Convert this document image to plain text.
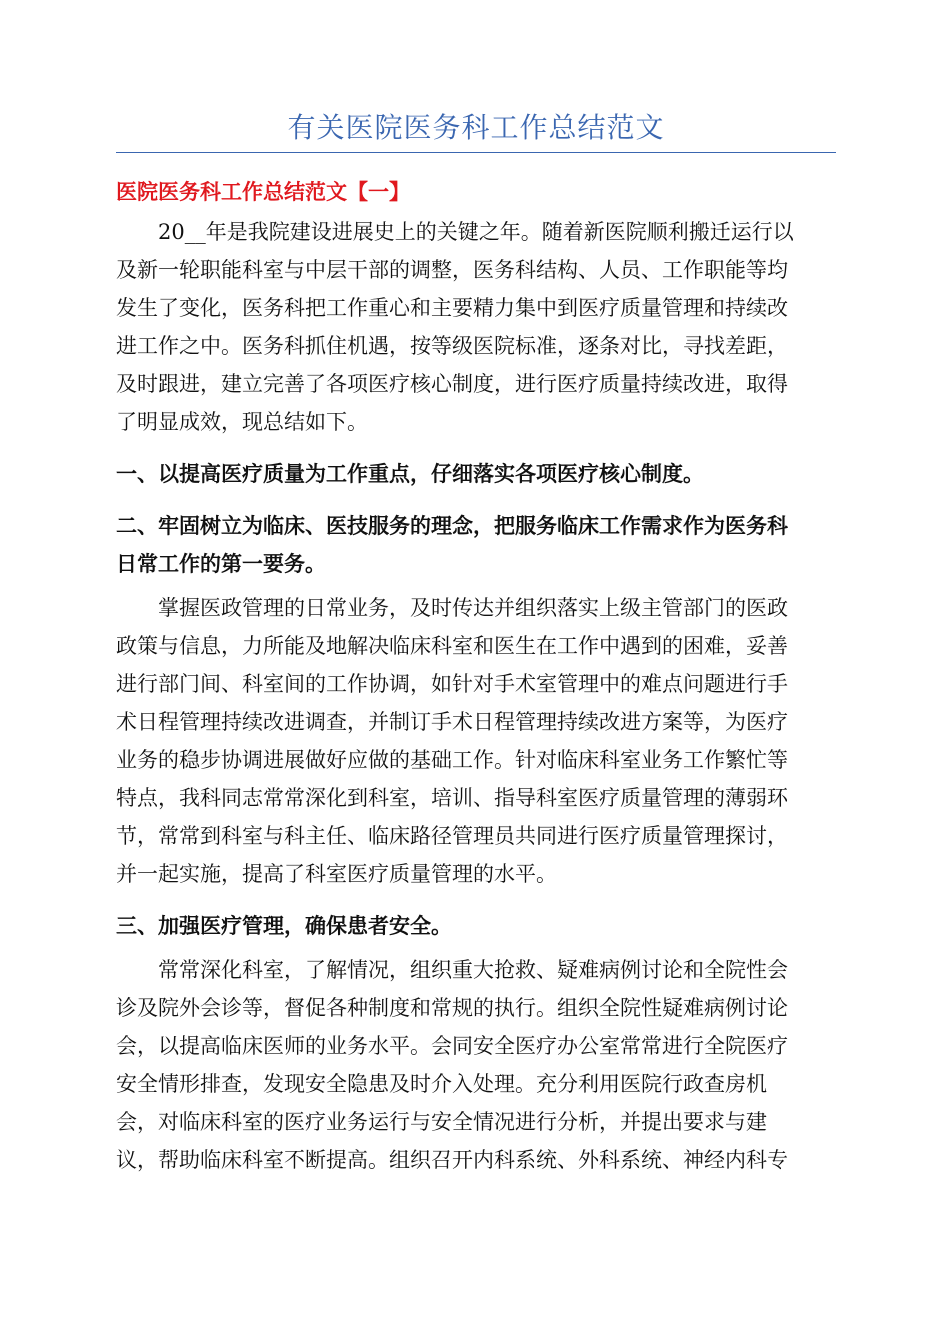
有关医院医务科工作总结范文
医院医务科工作总结范文【一】
20__年是我院建设进展史上的关键之年。随着新医院顺利搬迁运行以
及新一轮职能科室与中层干部的调整，医务科结构、人员、工作职能等均
发生了变化，医务科把工作重心和主要精力集中到医疗质量管理和持续改
进工作之中。医务科抓住机遇，按等级医院标准，逐条对比，寻找差距，
及时跟进，建立完善了各项医疗核心制度，进行医疗质量持续改进，取得
了明显成效，现总结如下。
一、以提高医疗质量为工作重点，仔细落实各项医疗核心制度。
二、牢固树立为临床、医技服务的理念，把服务临床工作需求作为医务科
日常工作的第一要务。
掌握医政管理的日常业务，及时传达并组织落实上级主管部门的医政
政策与信息，力所能及地解决临床科室和医生在工作中遇到的困难，妥善
进行部门间、科室间的工作协调，如针对手术室管理中的难点问题进行手
术日程管理持续改进调查，并制订手术日程管理持续改进方案等，为医疗
业务的稳步协调进展做好应做的基础工作。针对临床科室业务工作繁忙等
特点，我科同志常常深化到科室，培训、指导科室医疗质量管理的薄弱环
节，常常到科室与科主任、临床路径管理员共同进行医疗质量管理探讨，
并一起实施，提高了科室医疗质量管理的水平。
三、加强医疗管理，确保患者安全。
常常深化科室，了解情况，组织重大抢救、疑难病例讨论和全院性会
诊及院外会诊等，督促各种制度和常规的执行。组织全院性疑难病例讨论
会，以提高临床医师的业务水平。会同安全医疗办公室常常进行全院医疗
安全情形排查，发现安全隐患及时介入处理。充分利用医院行政查房机
会，对临床科室的医疗业务运行与安全情况进行分析，并提出要求与建
议，帮助临床科室不断提高。组织召开内科系统、外科系统、神经内科专
